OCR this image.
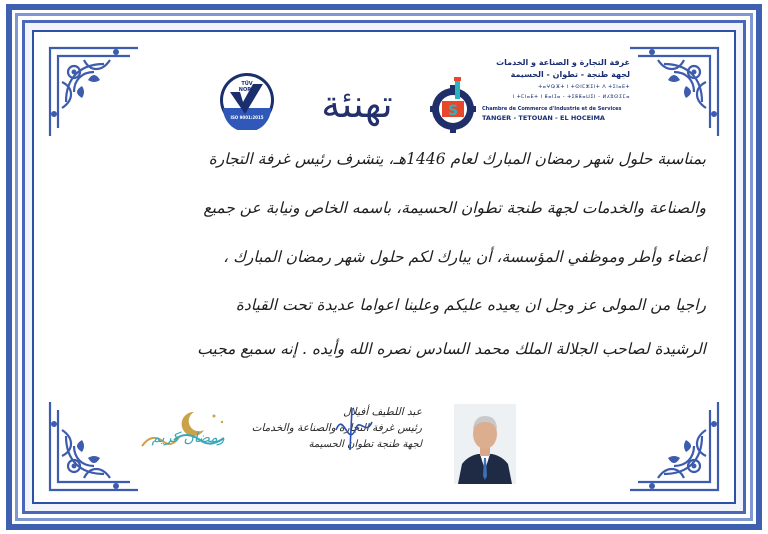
TÜV NORD
ISO 9001:2015	تهنئة	S
غرفة التجارة و الصناعة و الخدمات
لجهة طنجة - تطوان - الحسيمة
ⵜⴰⵖⵕⴼⵜ ⵏ ⵜⵙⵏⵎⵣⵉⵏⵜ ⴷ ⵜⵉⵏⴰⴹⵜ
ⵏ ⵜⵎⵏⴰⴹⵜ ⵏ ⵟⴰⵏⵊⴰ - ⵜⵉⵟⵟⴰⵡⵉⵏ - ⵍⵃⵓⵙⵉⵎⴰ
Chambre de Commerce d'Industrie et de Services
TANGER - TETOUAN - EL HOCEIMA
بمناسبة حلول شهر رمضان المبارك لعام 1446هـ، يتشرف رئيس غرفة التجارة
والصناعة والخدمات لجهة طنجة تطوان الحسيمة، باسمه الخاص ونيابة عن جميع
أعضاء وأطر وموظفي المؤسسة، أن يبارك لكم حلول شهر رمضان المبارك ،
راجيا من المولى عز وجل ان يعيده عليكم وعلينا اعواما عديدة تحت القيادة
الرشيدة لصاحب الجلالة الملك محمد السادس نصره الله وأيده . إنه سميع مجيب
رمضان كريم
عبد اللطيف أفيلال
رئيس غرفة التجارة والصناعة والخدمات
لجهة طنجة تطوان الحسيمة
